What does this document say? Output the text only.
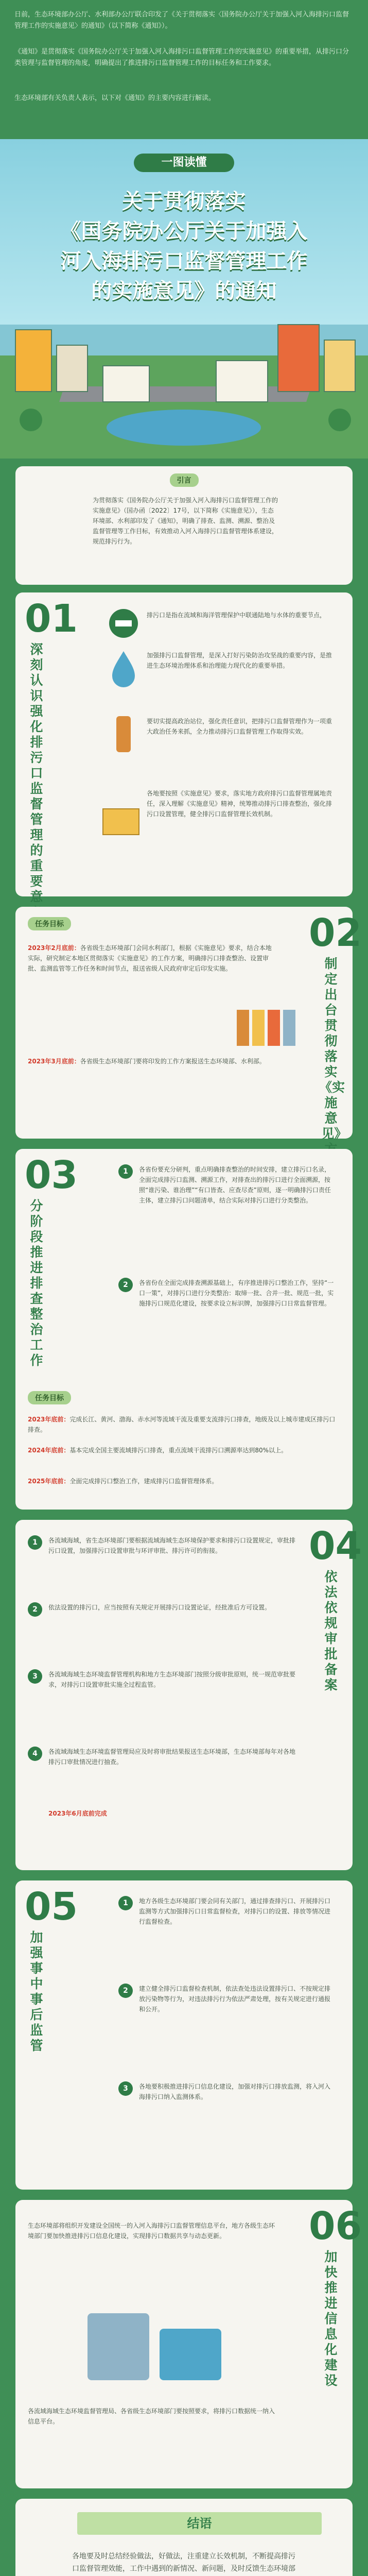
日前，生态环境部办公厅、水利部办公厅联合印发了《关于贯彻落实〈国务院办公厅关于加强入河入海排污口监督管理工作的实施意见〉的通知》（以下简称《通知》）。
《通知》是贯彻落实《国务院办公厅关于加强入河入海排污口监督管理工作的实施意见》的重要举措，从排污口分类管理与监督管理的角度，明确提出了推进排污口监督管理工作的目标任务和工作要求。
生态环境部有关负责人表示，以下对《通知》的主要内容进行解读。
一图读懂
关于贯彻落实
《国务院办公厅关于加强入
河入海排污口监督管理工作
的实施意见》的通知
引言
为贯彻落实《国务院办公厅关于加强入河入海排污口监督管理工作的实施意见》（国办函〔2022〕17号，以下简称《实施意见》），生态环境部、水利部印发了《通知》，明确了排查、监测、溯源、整治及监督管理等工作目标，有效推动入河入海排污口监督管理体系建设，规范排污行为。
01
深刻认识强化排污口监督管理的重要意
排污口是指在流域和海洋管理保护中联通陆地与水体的重要节点，
加强排污口监督管理，是深入打好污染防治攻坚战的重要内容，是推进生态环境治理体系和治理能力现代化的重要举措。
要切实提高政治站位，强化责任意识，把排污口监督管理作为一项重大政治任务来抓，全力推动排污口监督管理工作取得实效。
各地要按照《实施意见》要求，落实地方政府排污口监督管理属地责任，深入理解《实施意见》精神，统筹推动排污口排查整治，强化排污口设置管理，健全排污口监督管理长效机制。
02
制定出台贯彻落实《实施意见》
任务目标
2023年2月底前：各省级生态环境部门会同水利部门，根据《实施意见》要求，结合本地实际，研究制定本地区贯彻落实《实施意见》的工作方案，明确排污口排查整治、设置审批、监测监管等工作任务和时间节点，报送省级人民政府审定后印发实施。
2023年3月底前：各省级生态环境部门要将印发的工作方案报送生态环境部、水利部。
03
分阶段推进排查整治工作
1	各省份要充分研判，重点明确排查整治的时间安排，建立排污口名录，全面完成排污口监测、溯源工作，对排查出的排污口进行全面溯源，按照“谁污染、谁治理”“有口皆查、应查尽查”原则，逐一明确排污口责任主体，建立排污口问题清单，结合实际对排污口进行分类整治。
2	各省份在全面完成排查溯源基础上，有序推进排污口整治工作，坚持“一口一策”，对排污口进行分类整治：取缔一批、合并一批、规范一批，实施排污口规范化建设，按要求设立标识牌，加强排污口日常监督管理。
任务目标
2023年底前：完成长江、黄河、渤海、赤水河等流域干流及重要支流排污口排查，地级及以上城市建成区排污口排查。
2024年底前：基本完成全国主要流域排污口排查，重点流域干流排污口溯源率达到80%以上。
2025年底前：全面完成排污口整治工作，建成排污口监督管理体系。
04
依法依规审批备案
1	各流域海域，省生态环境部门要根据流域海域生态环境保护要求和排污口设置规定，审批排污口设置，加强排污口设置审批与环评审批、排污许可的衔接。
2	依法设置的排污口，应当按照有关规定开展排污口设置论证，经批准后方可设置。
3	各流域海域生态环境监督管理机构和地方生态环境部门按照分级审批原则，统一规范审批要求，对排污口设置审批实施全过程监管。
4	各流域海域生态环境监督管理局应及时将审批结果报送生态环境部，生态环境部每年对各地排污口审批情况进行抽查。
2023年6月底前完成
05
加强事中事后监管
1	地方各级生态环境部门要会同有关部门，通过排查排污口、开展排污口监测等方式加强排污口日常监督检查，对排污口的设置、排放等情况进行监督检查。
2	建立健全排污口监督检查机制，依法查处违法设置排污口、不按规定排放污染物等行为，对违法排污行为依法严肃处理，按有关规定进行通报和公开。
3	各地要积极推进排污口信息化建设，加强对排污口排放监测，将入河入海排污口纳入监测体系。
06
加快推进信息化建设
生态环境部将组织开发建设全国统一的入河入海排污口监督管理信息平台，地方各级生态环境部门要加快推进排污口信息化建设，实现排污口数据共享与动态更新。
各流域海域生态环境监督管理局、各省级生态环境部门要按照要求，将排污口数据统一纳入信息平台。
结语
各地要及时总结经验做法，好做法，注重建立长效机制，不断提高排污口监督管理效能，工作中遇到的新情况、新问题，及时反馈生态环境部
